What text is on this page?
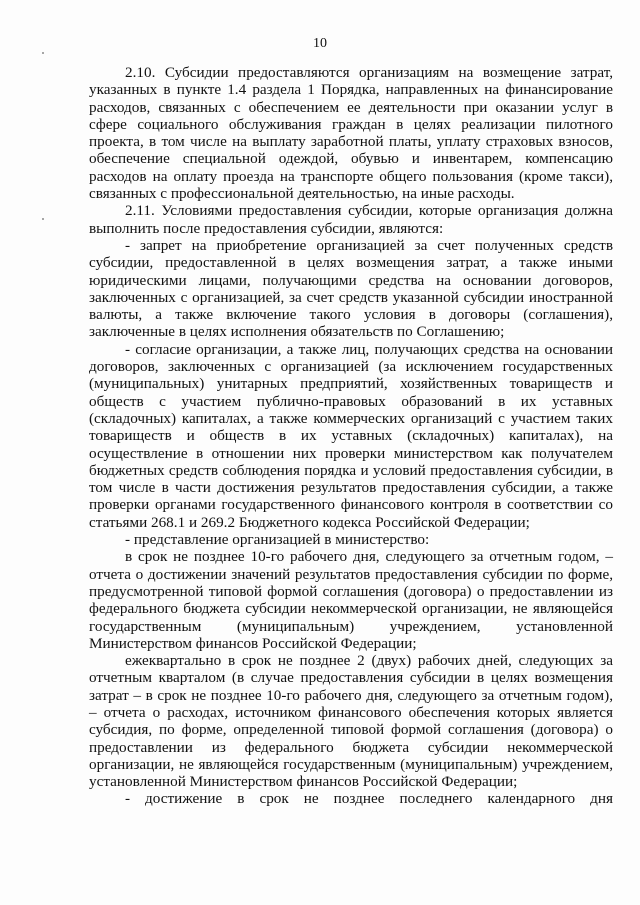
10

2.10. Субсидии предоставляются организациям на возмещение затрат, указанных в пункте 1.4 раздела 1 Порядка, направленных на финансирование расходов, связанных с обеспечением ее деятельности при оказании услуг в сфере социального обслуживания граждан в целях реализации пилотного проекта, в том числе на выплату заработной платы, уплату страховых взносов, обеспечение специальной одеждой, обувью и инвентарем, компенсацию расходов на оплату проезда на транспорте общего пользования (кроме такси), связанных с профессиональной деятельностью, на иные расходы.

2.11. Условиями предоставления субсидии, которые организация должна выполнить после предоставления субсидии, являются:

- запрет на приобретение организацией за счет полученных средств субсидии, предоставленной в целях возмещения затрат, а также иными юридическими лицами, получающими средства на основании договоров, заключенных с организацией, за счет средств указанной субсидии иностранной валюты, а также включение такого условия в договоры (соглашения), заключенные в целях исполнения обязательств по Соглашению;

- согласие организации, а также лиц, получающих средства на основании договоров, заключенных с организацией (за исключением государственных (муниципальных) унитарных предприятий, хозяйственных товариществ и обществ с участием публично-правовых образований в их уставных (складочных) капиталах, а также коммерческих организаций с участием таких товариществ и обществ в их уставных (складочных) капиталах), на осуществление в отношении них проверки министерством как получателем бюджетных средств соблюдения порядка и условий предоставления субсидии, в том числе в части достижения результатов предоставления субсидии, а также проверки органами государственного финансового контроля в соответствии со статьями 268.1 и 269.2 Бюджетного кодекса Российской Федерации;

- представление организацией в министерство:

в срок не позднее 10-го рабочего дня, следующего за отчетным годом, – отчета о достижении значений результатов предоставления субсидии по форме, предусмотренной типовой формой соглашения (договора) о предоставлении из федерального бюджета субсидии некоммерческой организации, не являющейся государственным (муниципальным) учреждением, установленной Министерством финансов Российской Федерации;

ежеквартально в срок не позднее 2 (двух) рабочих дней, следующих за отчетным кварталом (в случае предоставления субсидии в целях возмещения затрат – в срок не позднее 10-го рабочего дня, следующего за отчетным годом), – отчета о расходах, источником финансового обеспечения которых является субсидия, по форме, определенной типовой формой соглашения (договора) о предоставлении из федерального бюджета субсидии некоммерческой организации, не являющейся государственным (муниципальным) учреждением, установленной Министерством финансов Российской Федерации;

- достижение в срок не позднее последнего календарного дня
